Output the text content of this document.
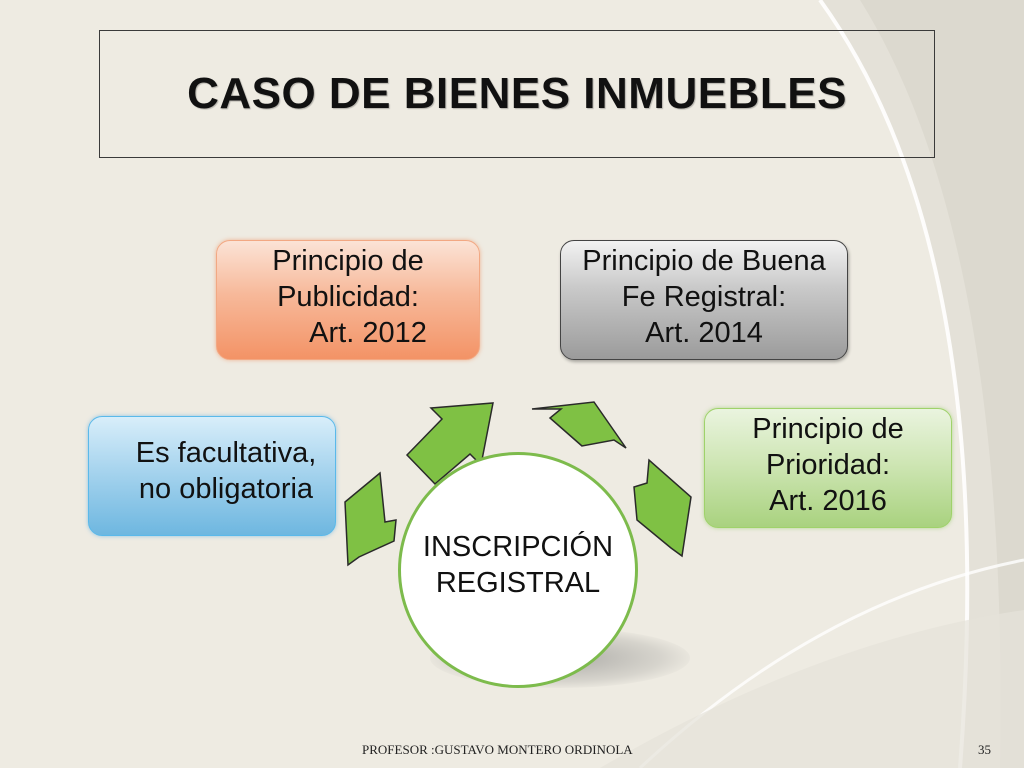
CASO DE BIENES INMUEBLES
Principio de
Publicidad:
Art. 2012
Principio de Buena
Fe Registral:
Art. 2014
Es facultativa,
no obligatoria
Principio de
Prioridad:
Art. 2016
INSCRIPCIÓN
REGISTRAL
PROFESOR :GUSTAVO MONTERO ORDINOLA	35
